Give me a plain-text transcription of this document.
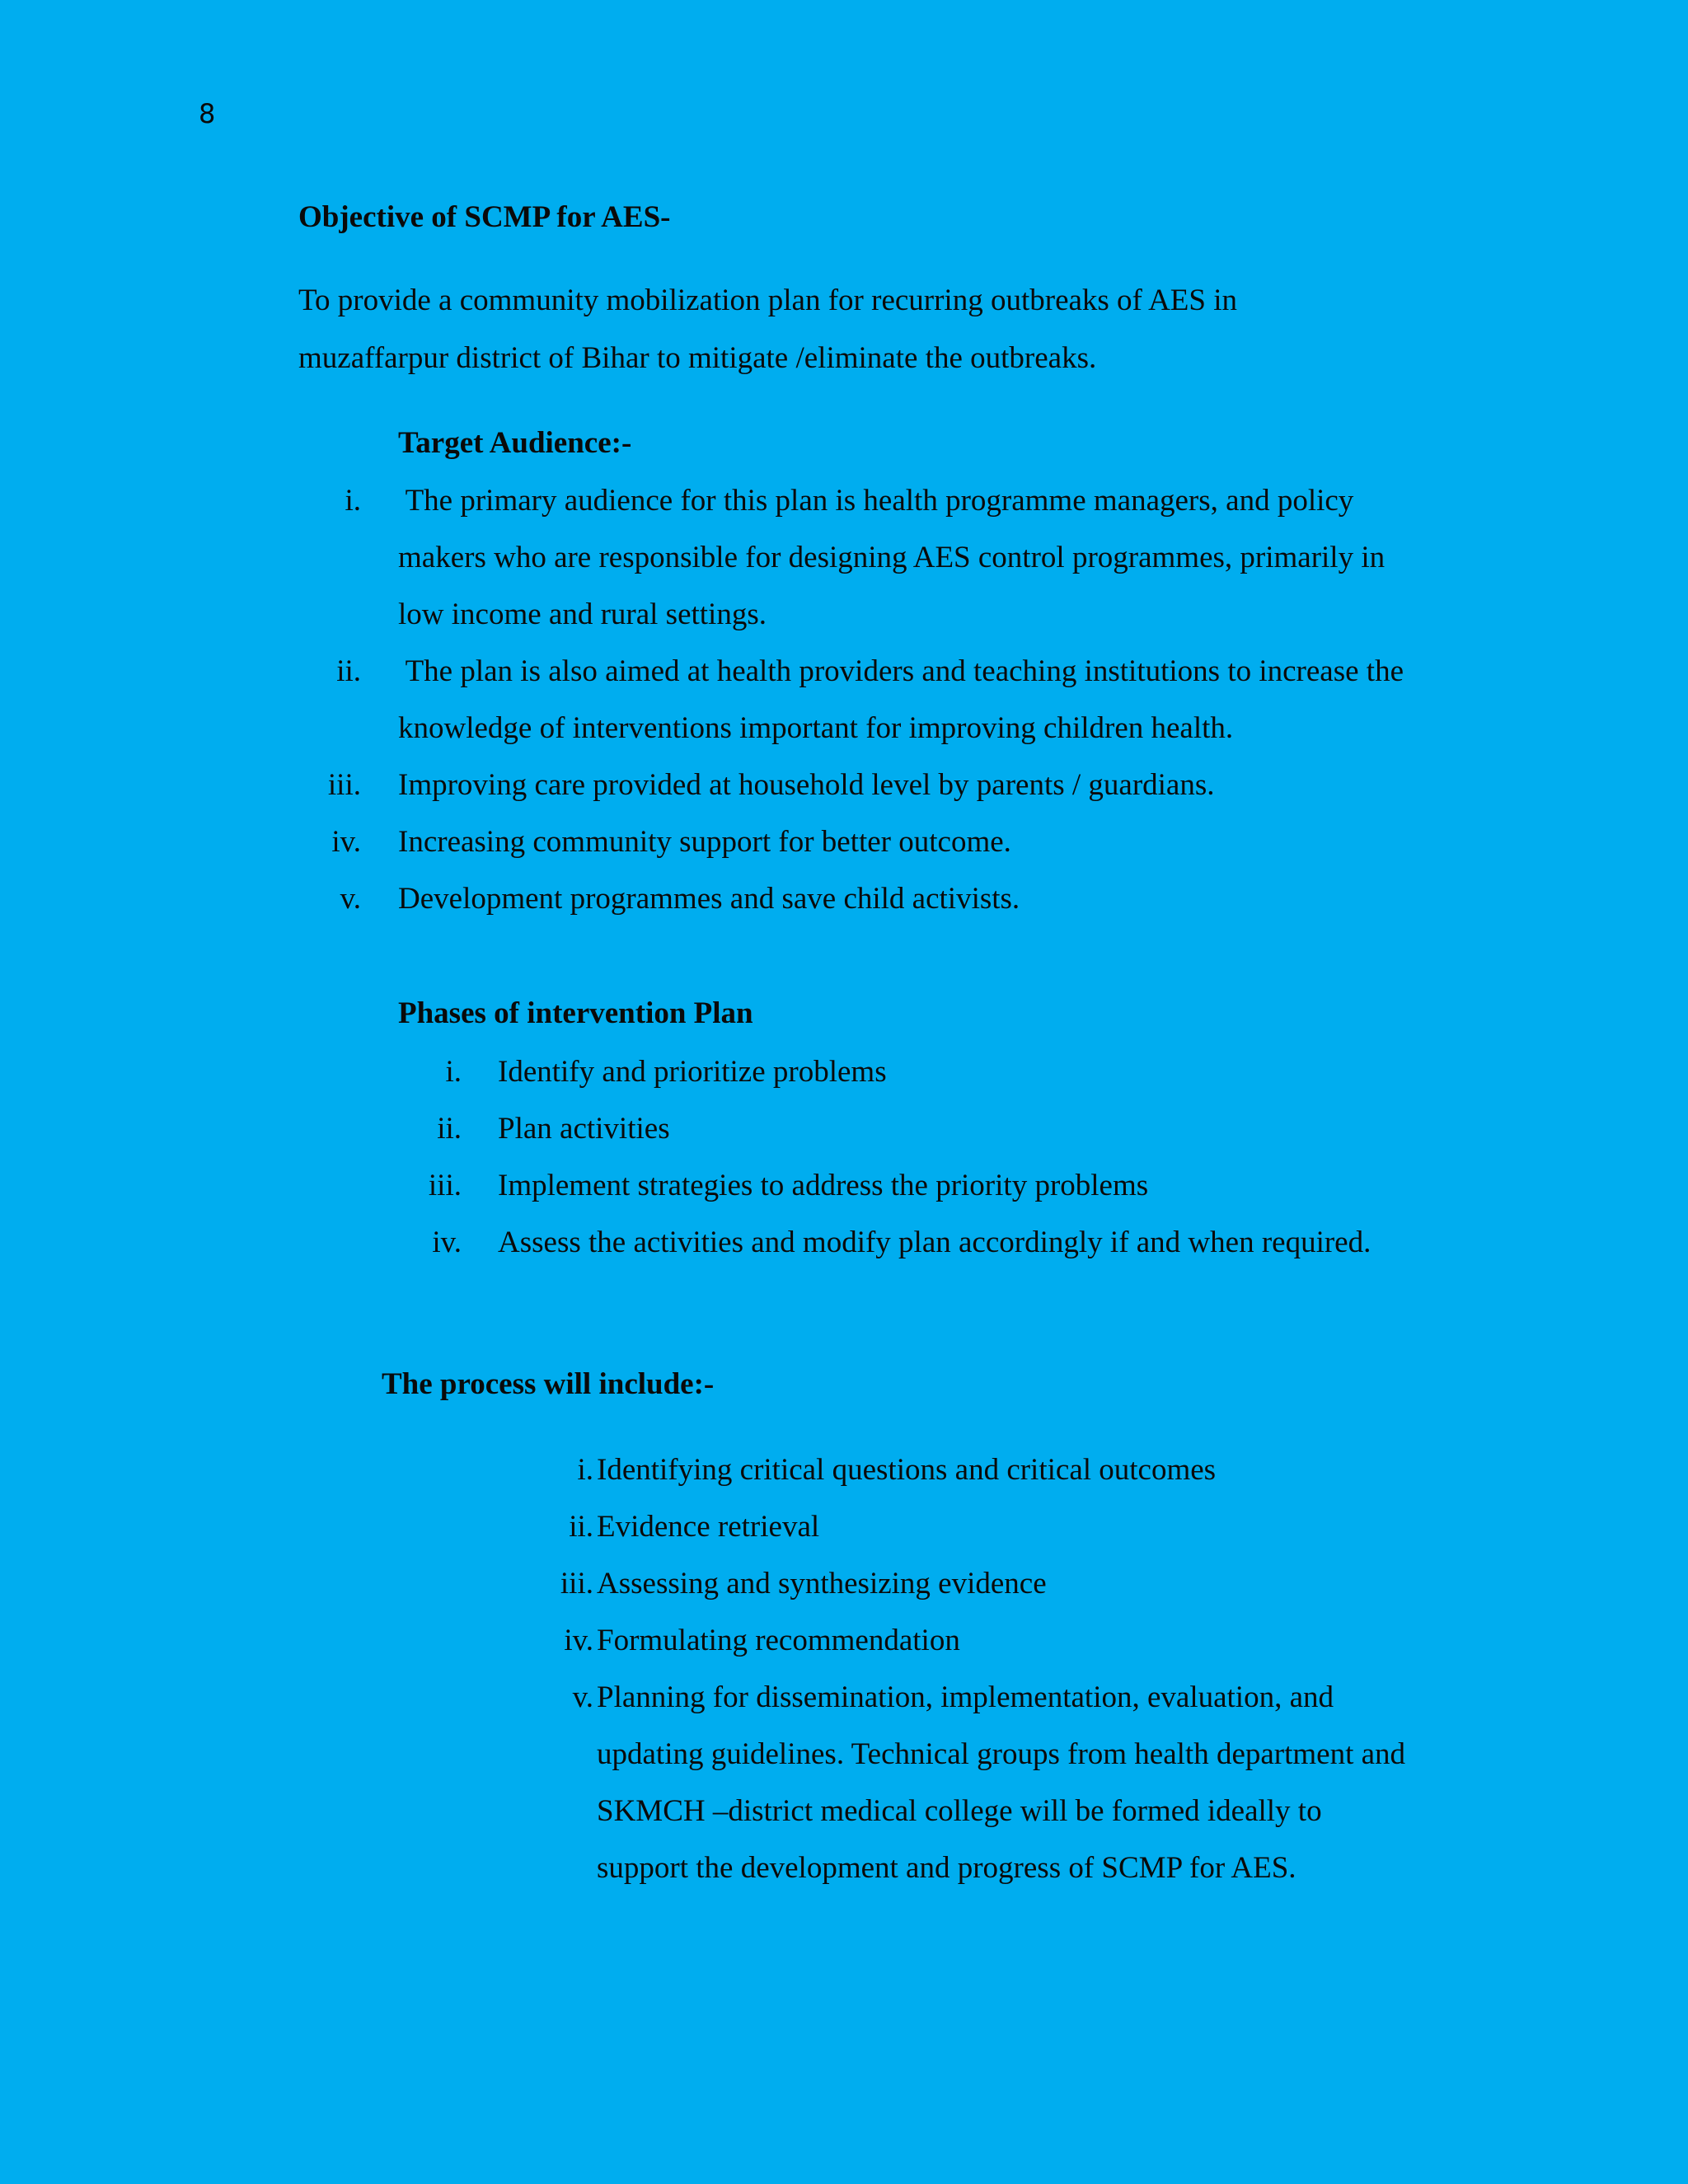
8
Objective of SCMP for AES-
To provide a community mobilization plan for recurring outbreaks of AES in
muzaffarpur district of Bihar to mitigate /eliminate the outbreaks.
Target Audience:-
i. The primary audience for this plan is health programme managers, and policy
makers who are responsible for designing AES control programmes, primarily in
low income and rural settings.
ii. The plan is also aimed at health providers and teaching institutions to increase the
knowledge of interventions important for improving children health.
iii. Improving care provided at household level by parents / guardians.
iv. Increasing community support for better outcome.
v. Development programmes and save child activists.
Phases of intervention Plan
i. Identify and prioritize problems
ii. Plan activities
iii. Implement strategies to address the priority problems
iv. Assess the activities and modify plan accordingly if and when required.
The process will include:-
i. Identifying critical questions and critical outcomes
ii. Evidence retrieval
iii. Assessing and synthesizing evidence
iv. Formulating recommendation
v. Planning for dissemination, implementation, evaluation, and
updating guidelines. Technical groups from health department and
SKMCH –district medical college will be formed ideally to
support the development and progress of SCMP for AES.
